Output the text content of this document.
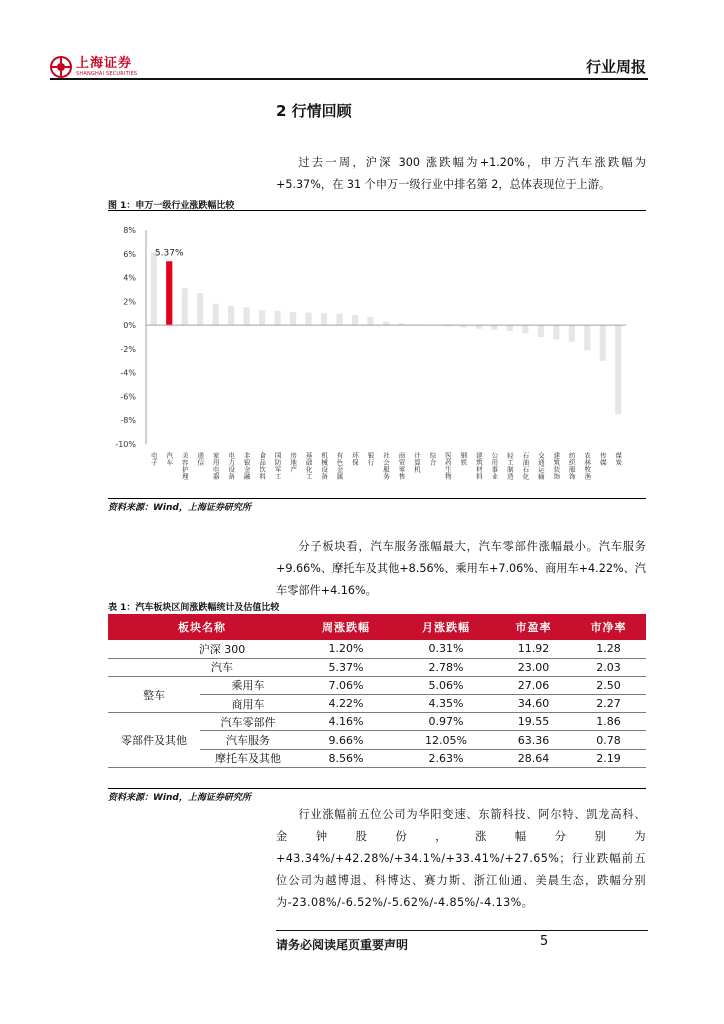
上海证券
SHANGHAI SECURITIES	行业周报
2 行情回顾

过去一周，沪深 300 涨跌幅为+1.20%，申万汽车涨跌幅为+5.37%，在 31 个申万一级行业中排名第 2，总体表现位于上游。

图 1：申万一级行业涨跌幅比较
8%
6%
4%
2%
0%
-2%
-4%
-6%
-8%
-10%
5.37%
电子 汽车 美容护理 通信 家用电器 电力设备 非银金融 食品饮料 国防军工 房地产 基础化工 机械设备 有色金属 环保 银行 社会服务 商贸零售 计算机 综合 医药生物 钢铁 建筑材料 公用事业 轻工制造 石油石化 交通运输 建筑装饰 纺织服饰 农林牧渔 传媒 煤炭
资料来源：Wind，上海证券研究所

分子板块看，汽车服务涨幅最大，汽车零部件涨幅最小。汽车服务+9.66%、摩托车及其他+8.56%、乘用车+7.06%、商用车+4.22%、汽车零部件+4.16%。

表 1：汽车板块区间涨跌幅统计及估值比较
板块名称		周涨跌幅	月涨跌幅	市盈率	市净率
沪深 300		1.20%	0.31%	11.92	1.28
汽车		5.37%	2.78%	23.00	2.03
整车	乘用车	7.06%	5.06%	27.06	2.50
	商用车	4.22%	4.35%	34.60	2.27
零部件及其他	汽车零部件	4.16%	0.97%	19.55	1.86
	汽车服务	9.66%	12.05%	63.36	0.78
	摩托车及其他	8.56%	2.63%	28.64	2.19
资料来源：Wind，上海证券研究所

行业涨幅前五位公司为华阳变速、东箭科技、阿尔特、凯龙高科、金钟股份，涨幅分别为+43.34%/+42.28%/+34.1%/+33.41%/+27.65%；行业跌幅前五位公司为越博退、科博达、赛力斯、浙江仙通、美晨生态，跌幅分别为-23.08%/-6.52%/-5.62%/-4.85%/-4.13%。

请务必阅读尾页重要声明	5
